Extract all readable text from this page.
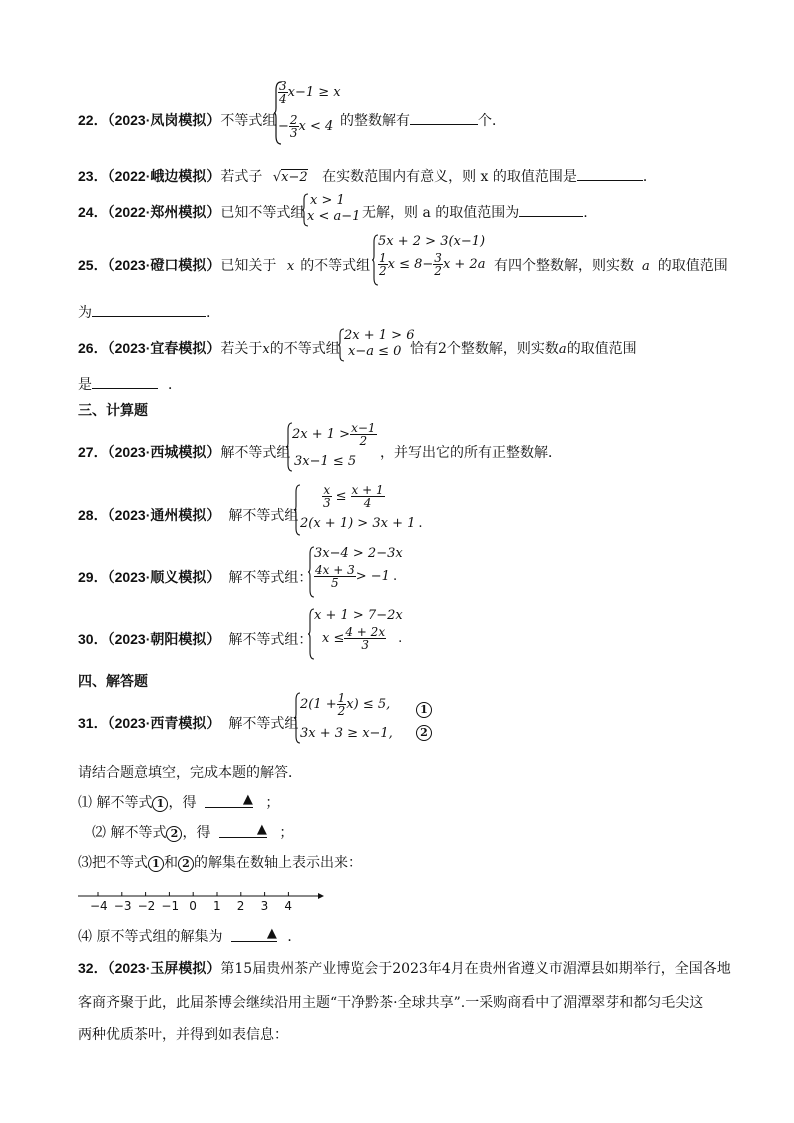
22．（2023·凤岗模拟）不等式组
$\frac{3}{4} x-1 \ge x$
− $\frac{2}{3}$ x < 4 的整数解有	个．
23．（2022·峨边模拟）若式子 √x−2 在实数范围内有意义，则 x 的取值范围是	．
24．（2022·郑州模拟）已知不等式组
x > 1
x < a−1 无解，则 a 的取值范围为	.
25．（2023·磴口模拟）已知关于 x 的不等式组
5x + 2 > 3(x−1)
$\frac{1}{2}$ $x \le 8- \frac{3}{2}$ x + 2a 有四个整数解，则实数 a 的取值范围
为	.
26．（2023·宜春模拟）若关于x的不等式组
2x + 1 > 6
x−a ≤ 0 恰有2个整数解，则实数a的取值范围
是	．
三、计算题
27．（2023·西城模拟）解不等式组
$2x + 1 > \frac{x-1}{2}$
3x−1 ≤ 5
，并写出它的所有正整数解．
28．（2023·通州模拟） 解不等式组
$\frac{x}{3} \le \frac{x + 1}{4}$
2(x + 1) > 3x + 1 .
29．（2023·顺义模拟） 解不等式组：
3x−4 > 2−3x
$\frac{4x + 3}{5} > -1$ .
30．（2023·朝阳模拟） 解不等式组：
x + 1 > 7−2x
$x \le \frac{4 + 2x}{3}$ .
四、解答题
31．（2023·西青模拟） 解不等式组
$2(1 + \frac{1}{2} x) \le 5$,
3x + 3 ≥ x−1,
1
2
请结合题意填空，完成本题的解答．
⑴ 解不等式 1 ，得	▲ ；
⑵ 解不等式 2 ，得	▲ ；
⑶把不等式 1 和 2 的解集在数轴上表示出来：
−4 −3 −2 −1 0 1 2 3 4
⑷ 原不等式组的解集为	▲ ．
32．（2023·玉屏模拟）第15届贵州茶产业博览会于2023年4月在贵州省遵义市湄潭县如期举行，全国各地
客商齐聚于此，此届茶博会继续沿用主题“干净黔茶·全球共享”.一采购商看中了湄潭翠芽和都匀毛尖这
两种优质茶叶，并得到如表信息：
